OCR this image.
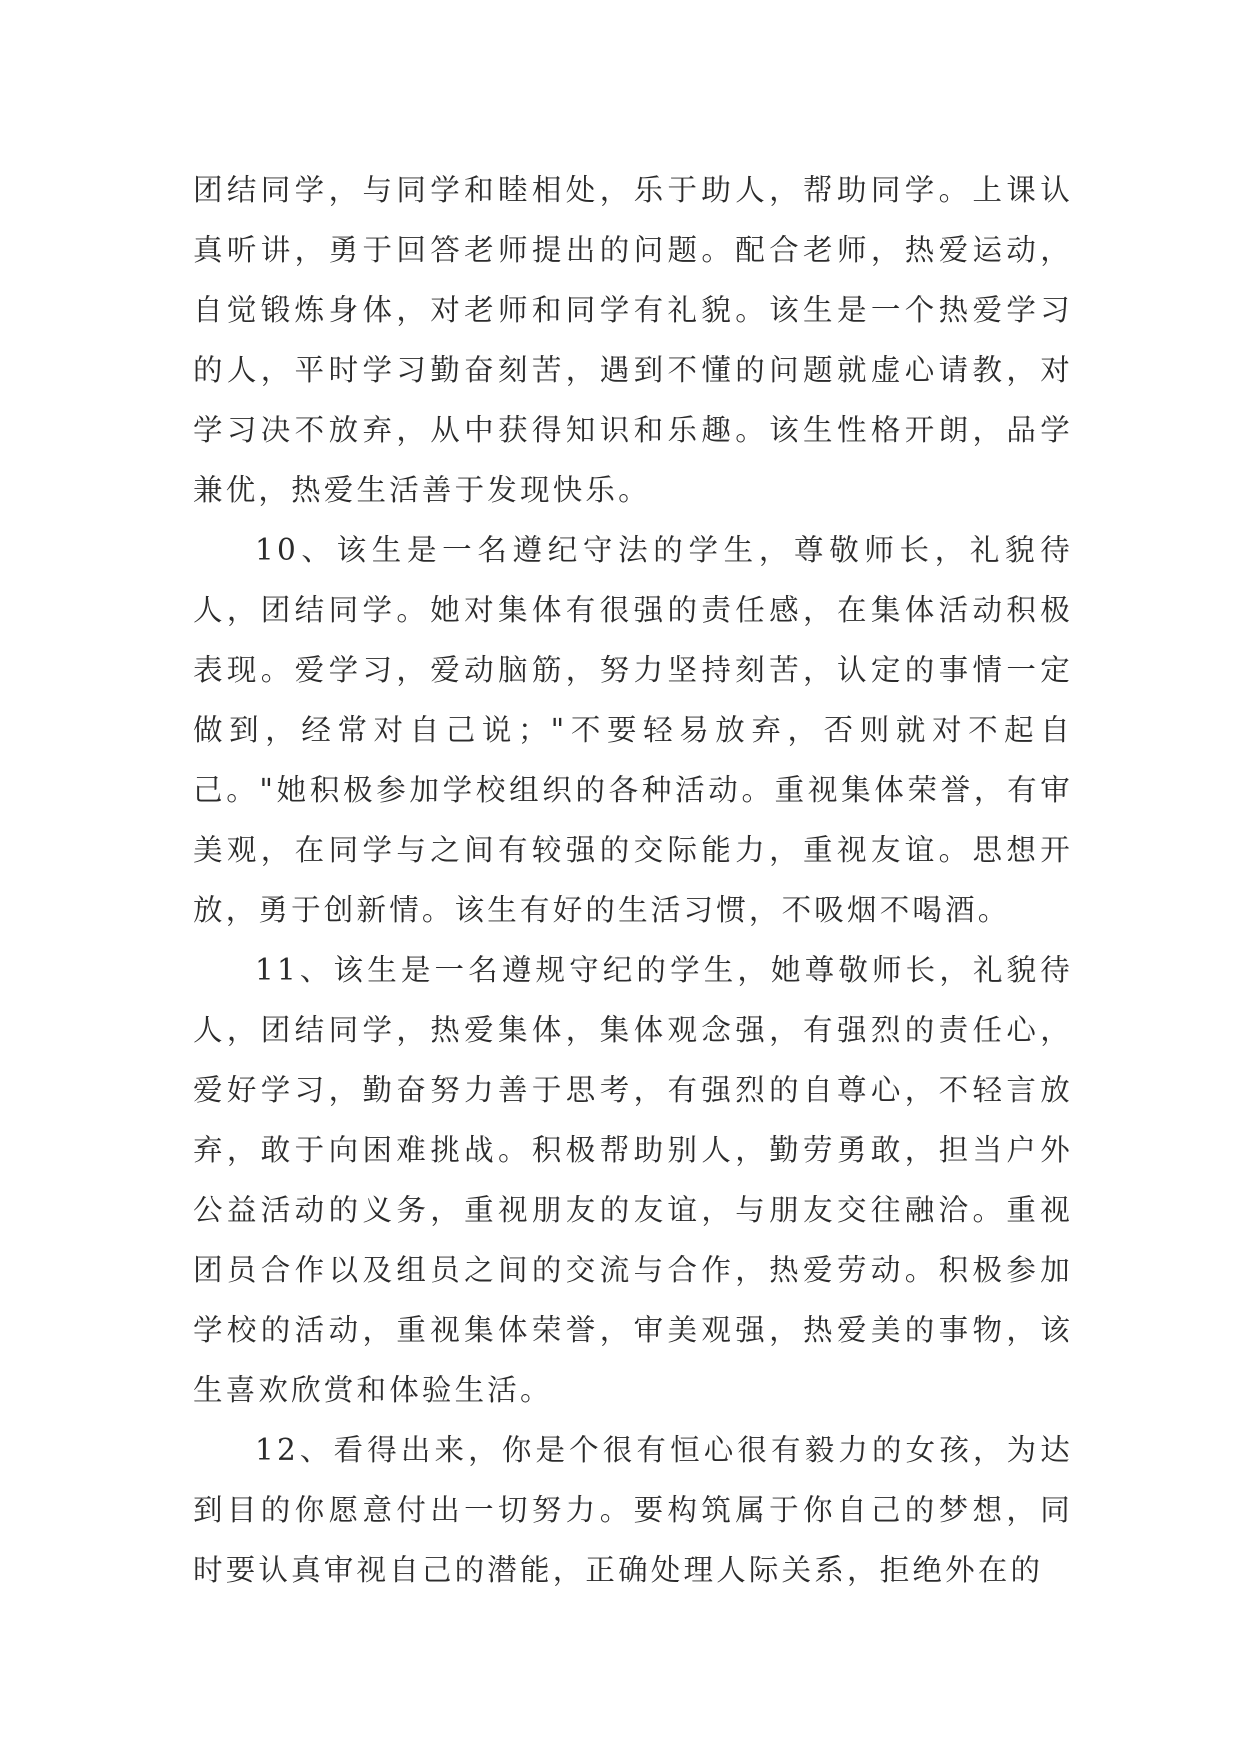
团结同学，与同学和睦相处，乐于助人，帮助同学。上课认真听讲，勇于回答老师提出的问题。配合老师，热爱运动，自觉锻炼身体，对老师和同学有礼貌。该生是一个热爱学习的人，平时学习勤奋刻苦，遇到不懂的问题就虚心请教，对学习决不放弃，从中获得知识和乐趣。该生性格开朗，品学兼优，热爱生活善于发现快乐。

10、该生是一名遵纪守法的学生，尊敬师长，礼貌待人，团结同学。她对集体有很强的责任感，在集体活动积极表现。爱学习，爱动脑筋，努力坚持刻苦，认定的事情一定做到，经常对自己说；"不要轻易放弃，否则就对不起自己。"她积极参加学校组织的各种活动。重视集体荣誉，有审美观，在同学与之间有较强的交际能力，重视友谊。思想开放，勇于创新情。该生有好的生活习惯，不吸烟不喝酒。

11、该生是一名遵规守纪的学生，她尊敬师长，礼貌待人，团结同学，热爱集体，集体观念强，有强烈的责任心，爱好学习，勤奋努力善于思考，有强烈的自尊心，不轻言放弃，敢于向困难挑战。积极帮助别人，勤劳勇敢，担当户外公益活动的义务，重视朋友的友谊，与朋友交往融洽。重视团员合作以及组员之间的交流与合作，热爱劳动。积极参加学校的活动，重视集体荣誉，审美观强，热爱美的事物，该生喜欢欣赏和体验生活。

12、看得出来，你是个很有恒心很有毅力的女孩，为达到目的你愿意付出一切努力。要构筑属于你自己的梦想，同时要认真审视自己的潜能，正确处理人际关系，拒绝外在的
